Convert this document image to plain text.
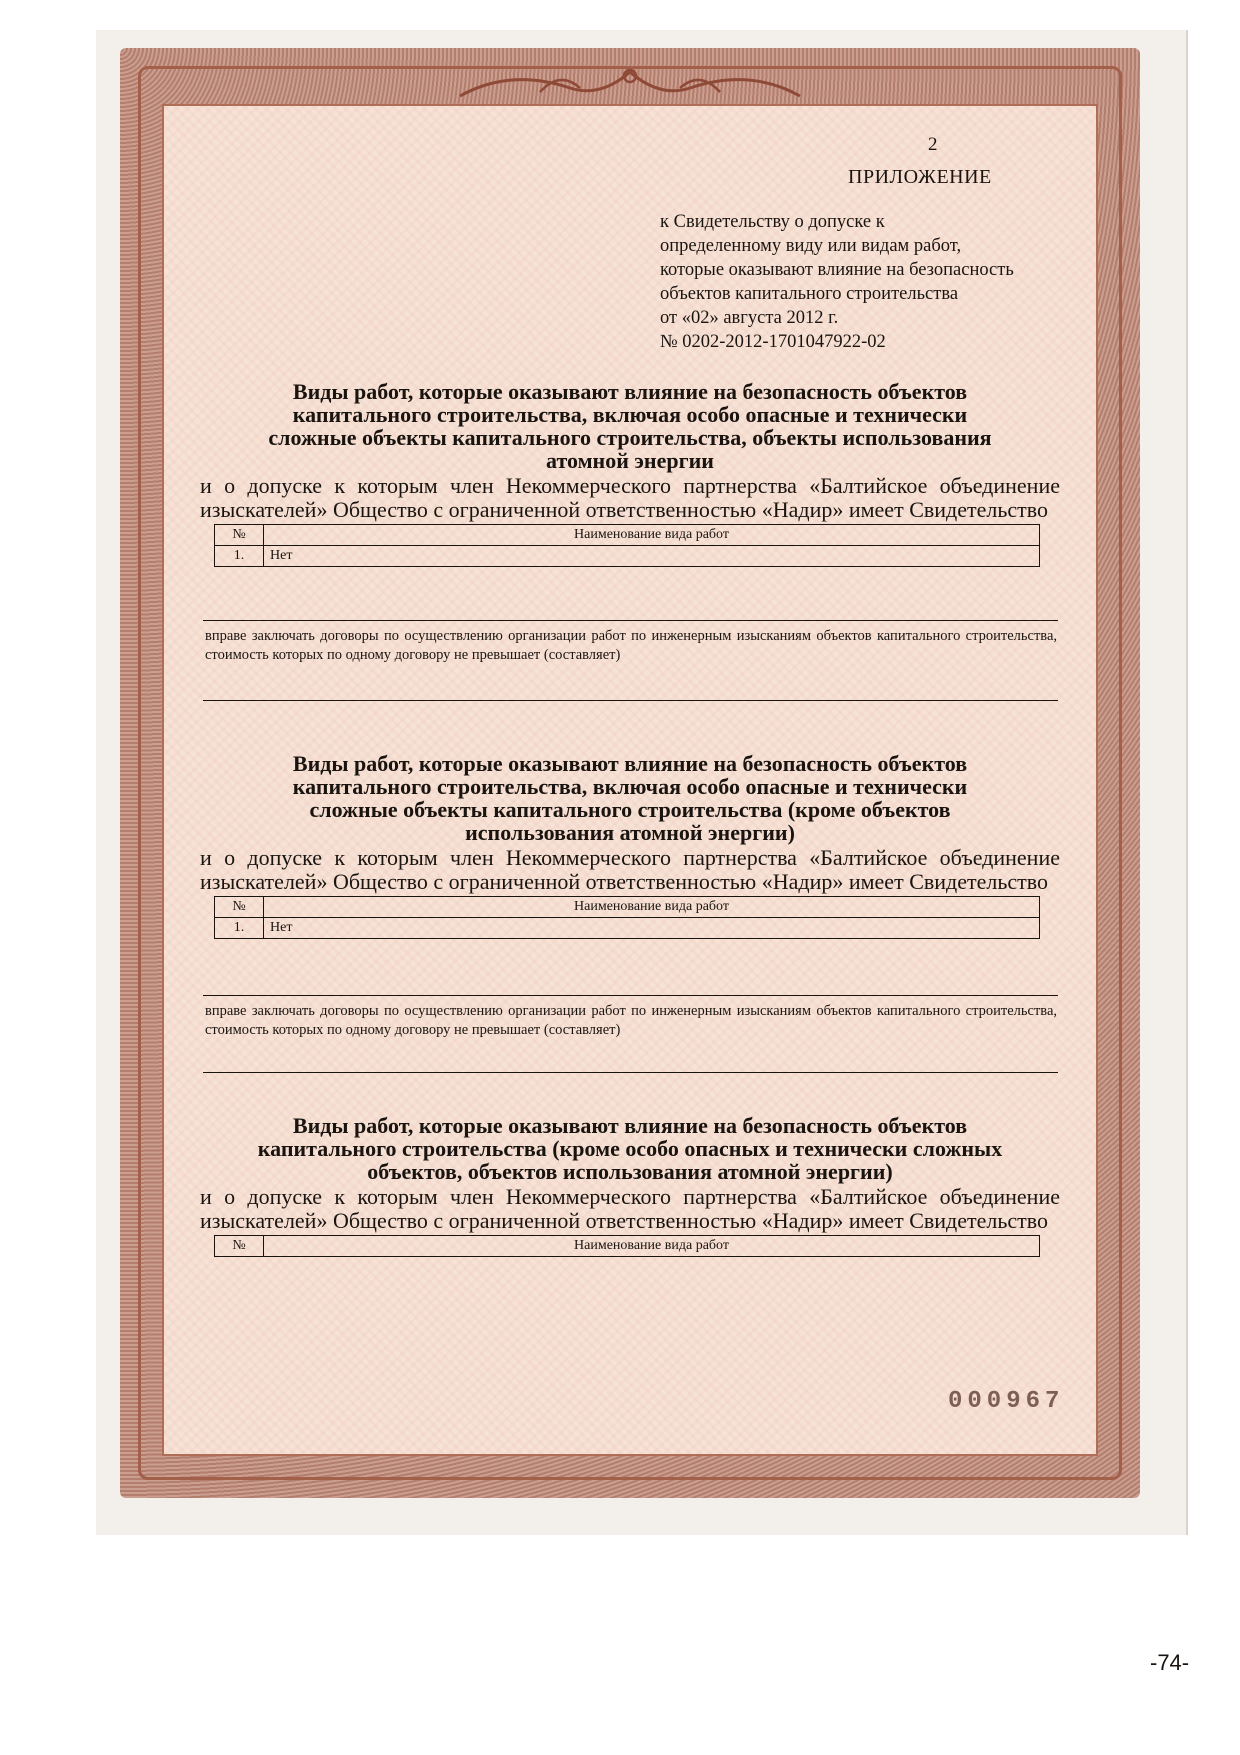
2
ПРИЛОЖЕНИЕ
к Свидетельству о допуске к
определенному виду или видам работ,
которые оказывают влияние на безопасность
объектов капитального строительства
от «02» августа 2012 г.
№ 0202-2012-1701047922-02
Виды работ, которые оказывают влияние на безопасность объектов
капитального строительства, включая особо опасные и технически
сложные объекты капитального строительства, объекты использования
атомной энергии
и о допуске к которым член Некоммерческого партнерства «Балтийское объединение изыскателей» Общество с ограниченной ответственностью «Надир» имеет Свидетельство
№	Наименование вида работ
1.	Нет
вправе заключать договоры по осуществлению организации работ по инженерным изысканиям объектов капитального строительства, стоимость которых по одному договору не превышает (составляет)
Виды работ, которые оказывают влияние на безопасность объектов
капитального строительства, включая особо опасные и технически
сложные объекты капитального строительства (кроме объектов
использования атомной энергии)
и о допуске к которым член Некоммерческого партнерства «Балтийское объединение изыскателей» Общество с ограниченной ответственностью «Надир» имеет Свидетельство
№	Наименование вида работ
1.	Нет
вправе заключать договоры по осуществлению организации работ по инженерным изысканиям объектов капитального строительства, стоимость которых по одному договору не превышает (составляет)
Виды работ, которые оказывают влияние на безопасность объектов
капитального строительства (кроме особо опасных и технически сложных
объектов, объектов использования атомной энергии)
и о допуске к которым член Некоммерческого партнерства «Балтийское объединение изыскателей» Общество с ограниченной ответственностью «Надир» имеет Свидетельство
№	Наименование вида работ
000967
-74-
